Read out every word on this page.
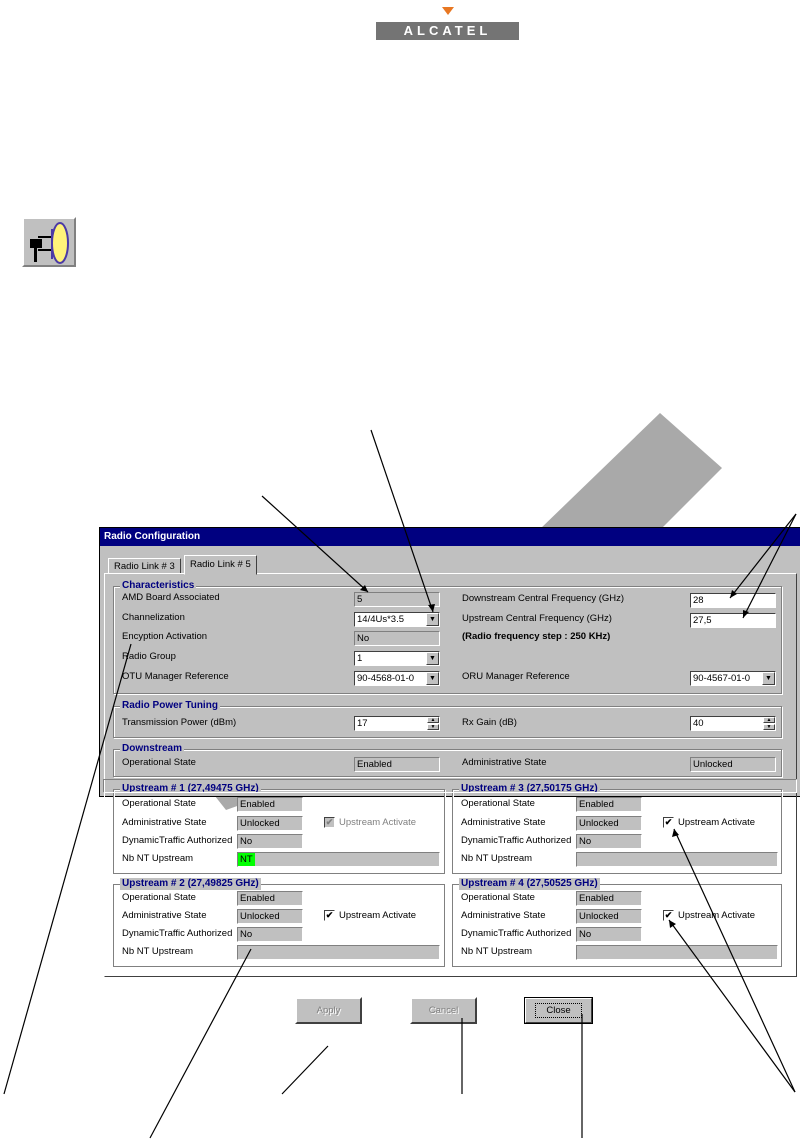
ALCATEL
Radio Configuration
Radio Link # 3	Radio Link # 5
Characteristics
AMD Board Associated	5
Channelization	14/4Us*3.5	▼
Encyption Activation	No
Radio Group	1	▼
OTU Manager Reference	90-4568-01-0	▼
Downstream Central Frequency (GHz)	28
Upstream Central Frequency (GHz)	27,5
(Radio frequency step : 250 KHz)
ORU Manager Reference	90-4567-01-0	▼
Radio Power Tuning
Transmission Power (dBm)	17	▲
▼	Rx Gain (dB)	40	▲
▼
Downstream
Operational State	Enabled	Administrative State	Unlocked
Upstream # 1 (27,49475 GHz)
Operational State	Enabled
Administrative State	Unlocked	✔ Upstream Activate
DynamicTraffic Authorized No
Nb NT Upstream	NT
Upstream # 3 (27,50175 GHz)
Operational State	Enabled
Administrative State	Unlocked	✔ Upstream Activate
DynamicTraffic Authorized No
Nb NT Upstream
Upstream # 2 (27,49825 GHz)
Operational State	Enabled
Administrative State	Unlocked	✔ Upstream Activate
DynamicTraffic Authorized No
Nb NT Upstream
Upstream # 4 (27,50525 GHz)
Operational State	Enabled
Administrative State	Unlocked	✔ Upstream Activate
DynamicTraffic Authorized No
Nb NT Upstream
Apply	Cancel	Close
